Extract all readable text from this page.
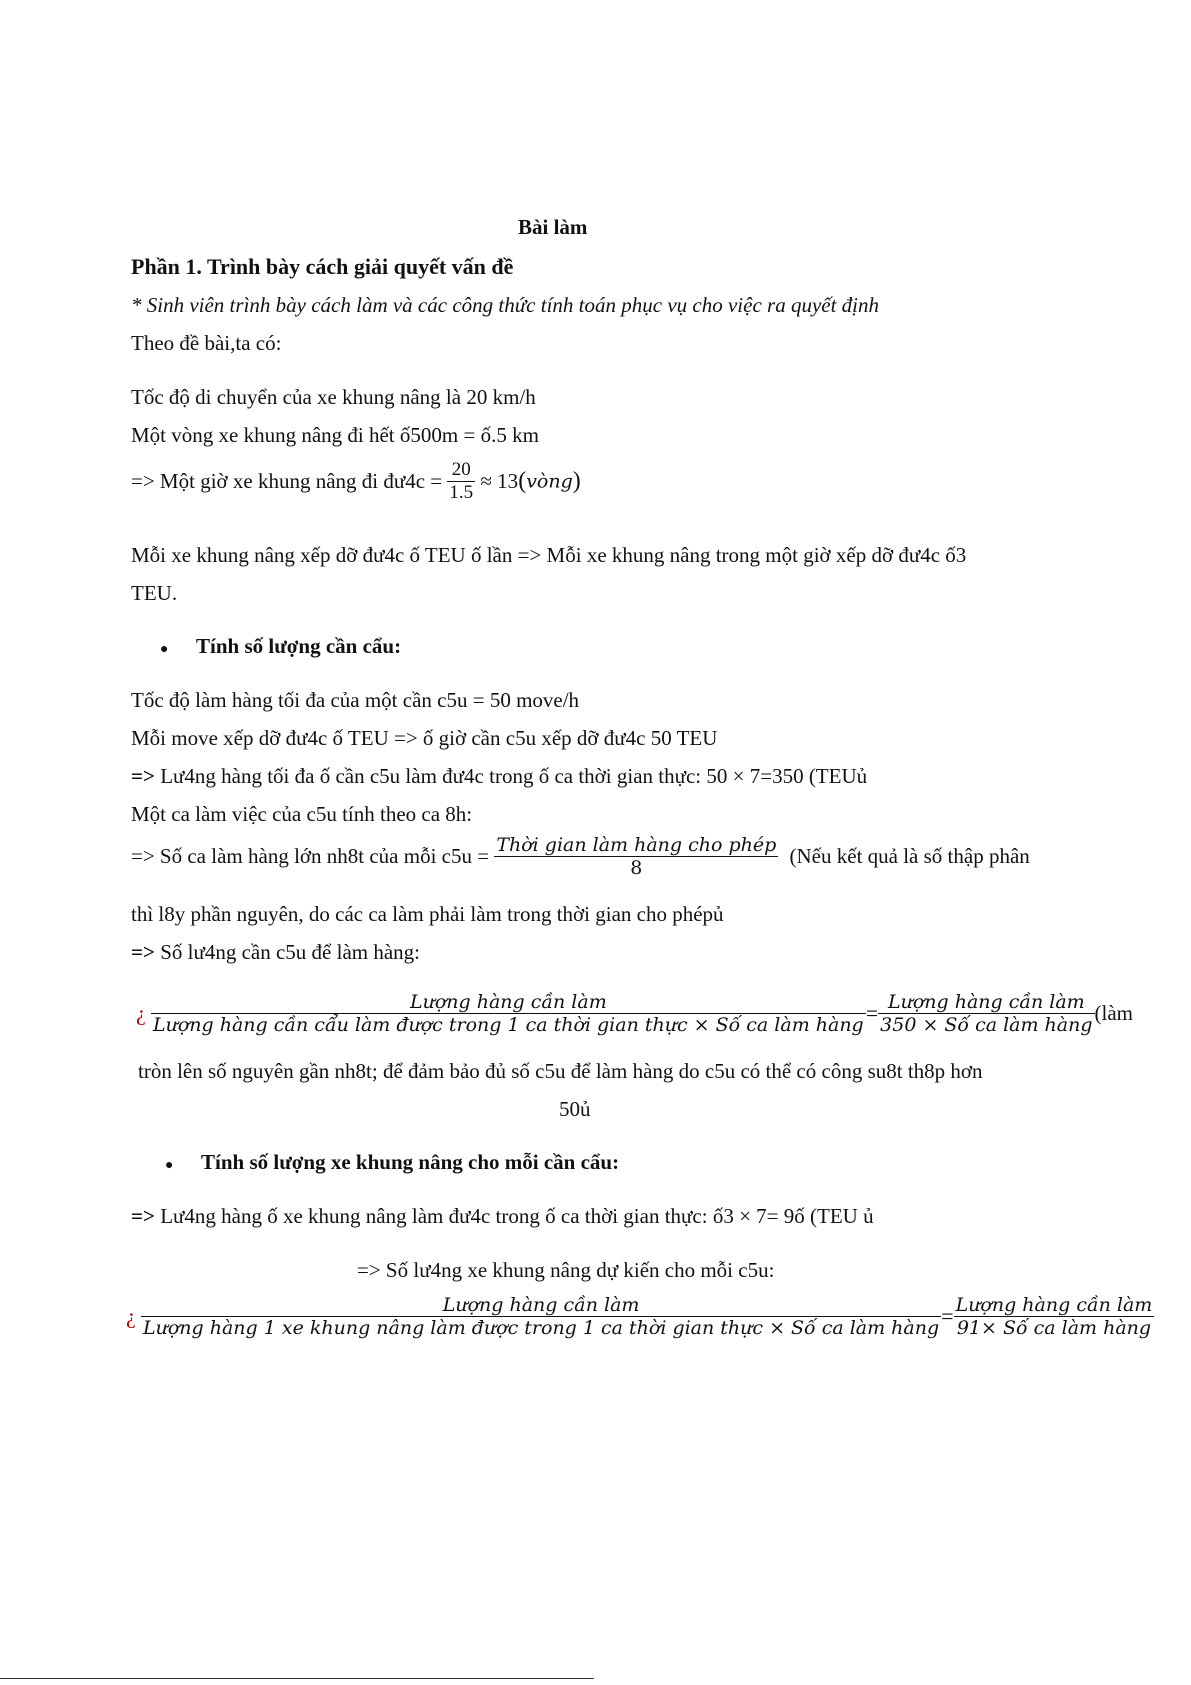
Bài làm
Phần 1. Trình bày cách giải quyết vấn đề
* Sinh viên trình bày cách làm và các công thức tính toán phục vụ cho việc ra quyết định
Theo đề bài,ta có:
Tốc độ di chuyển của xe khung nâng là 20 km/h
Một vòng xe khung nâng đi hết ố500m = ố.5 km
=> Một giờ xe khung nâng đi đư4c = $\frac{20}{1.5}$ ≈ 13(vòng)
Mỗi xe khung nâng xếp dỡ đư4c ố TEU ố lần => Mỗi xe khung nâng trong một giờ xếp dỡ đư4c ố3
TEU.
● Tính số lượng cần cẩu:
Tốc độ làm hàng tối đa của một cần c5u = 50 move/h
Mỗi move xếp dỡ đư4c ố TEU => ố giờ cần c5u xếp dỡ đư4c 50 TEU
=> Lư4ng hàng tối đa ố cần c5u làm đư4c trong ố ca thời gian thực: 50 × 7=350 (TEUủ
Một ca làm việc của c5u tính theo ca 8h:
=> Số ca làm hàng lớn nh8t của mỗi $c5u = \frac{\text{Thời gian làm hàng cho phép}}{8}$ (Nếu kết quả là số thập phân
thì l8y phần nguyên, do các ca làm phải làm trong thời gian cho phépủ
=> Số lư4ng cần c5u để làm hàng:
¿	Lượng hàng cần làm
Lượng hàng cần cẩu làm được trong 1 ca thời gian thực × Số ca làm hàng = $\frac{\text{Lượng hàng cần làm}}{\text{350 × Số ca làm hàng}}$ (làm
tròn lên số nguyên gần nh8t; để đảm bảo đủ số c5u để làm hàng do c5u có thể có công su8t th8p hơn
50ủ
● Tính số lượng xe khung nâng cho mỗi cần cẩu:
=> Lư4ng hàng ố xe khung nâng làm đư4c trong ố ca thời gian thực: ố3 × 7= 9ố (TEU ủ
=> Số lư4ng xe khung nâng dự kiến cho mỗi c5u:
¿	Lượng hàng cần làm
Lượng hàng 1 xe khung nâng làm được trong 1 ca thời gian thực × Số ca làm hàng = $\frac{\text{Lượng hàng cần làm}}{\text{91× Số ca làm hàng}}$
